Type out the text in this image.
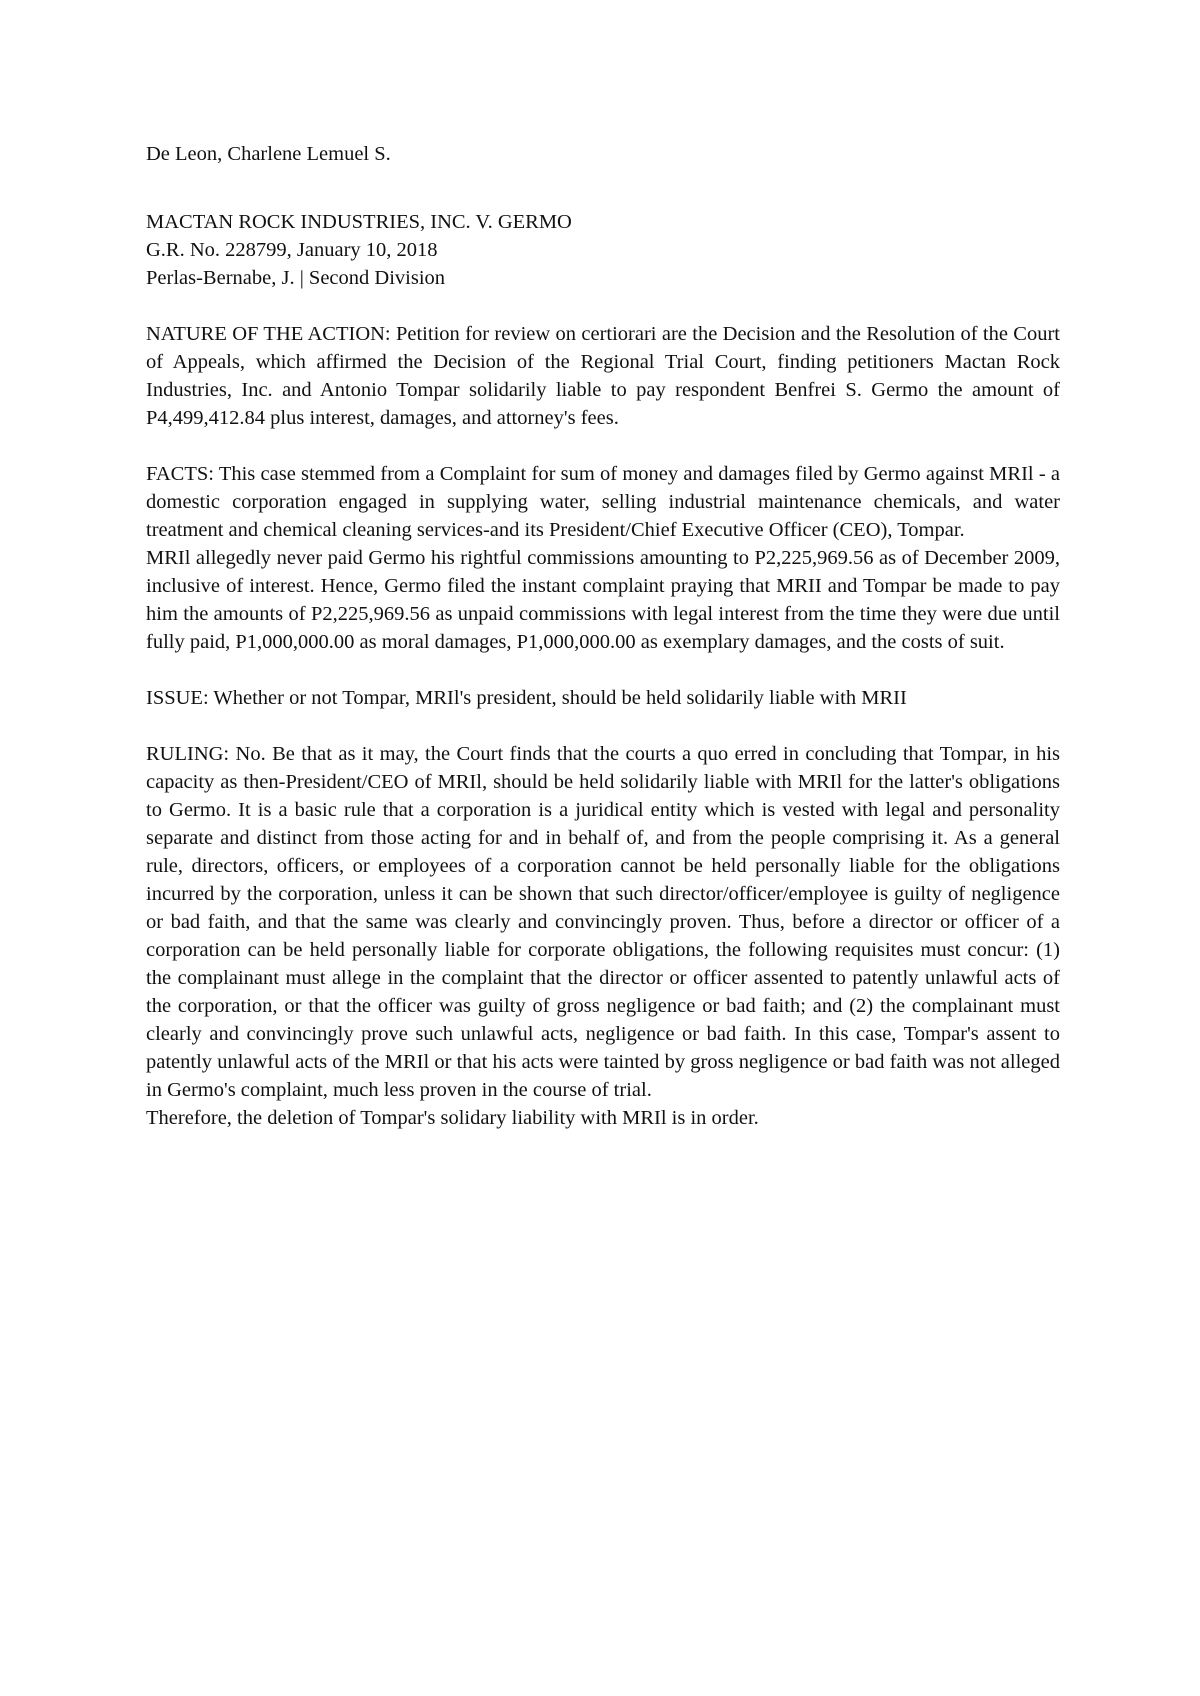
De Leon, Charlene Lemuel S.
MACTAN ROCK INDUSTRIES, INC. V. GERMO
G.R. No. 228799, January 10, 2018
Perlas-Bernabe, J. | Second Division

NATURE OF THE ACTION: Petition for review on certiorari are the Decision and the Resolution of the Court of Appeals, which affirmed the Decision of the Regional Trial Court, finding petitioners Mactan Rock Industries, Inc. and Antonio Tompar solidarily liable to pay respondent Benfrei S. Germo the amount of P4,499,412.84 plus interest, damages, and attorney's fees.

FACTS: This case stemmed from a Complaint for sum of money and damages filed by Germo against MRIl - a domestic corporation engaged in supplying water, selling industrial maintenance chemicals, and water treatment and chemical cleaning services-and its President/Chief Executive Officer (CEO), Tompar.

MRIl allegedly never paid Germo his rightful commissions amounting to P2,225,969.56 as of December 2009, inclusive of interest. Hence, Germo filed the instant complaint praying that MRII and Tompar be made to pay him the amounts of P2,225,969.56 as unpaid commissions with legal interest from the time they were due until fully paid, P1,000,000.00 as moral damages, P1,000,000.00 as exemplary damages, and the costs of suit.

ISSUE: Whether or not Tompar, MRIl's president, should be held solidarily liable with MRII

RULING: No. Be that as it may, the Court finds that the courts a quo erred in concluding that Tompar, in his capacity as then-President/CEO of MRIl, should be held solidarily liable with MRIl for the latter's obligations to Germo. It is a basic rule that a corporation is a juridical entity which is vested with legal and personality separate and distinct from those acting for and in behalf of, and from the people comprising it. As a general rule, directors, officers, or employees of a corporation cannot be held personally liable for the obligations incurred by the corporation, unless it can be shown that such director/officer/employee is guilty of negligence or bad faith, and that the same was clearly and convincingly proven. Thus, before a director or officer of a corporation can be held personally liable for corporate obligations, the following requisites must concur: (1) the complainant must allege in the complaint that the director or officer assented to patently unlawful acts of the corporation, or that the officer was guilty of gross negligence or bad faith; and (2) the complainant must clearly and convincingly prove such unlawful acts, negligence or bad faith. In this case, Tompar's assent to patently unlawful acts of the MRIl or that his acts were tainted by gross negligence or bad faith was not alleged in Germo's complaint, much less proven in the course of trial.

Therefore, the deletion of Tompar's solidary liability with MRIl is in order.
